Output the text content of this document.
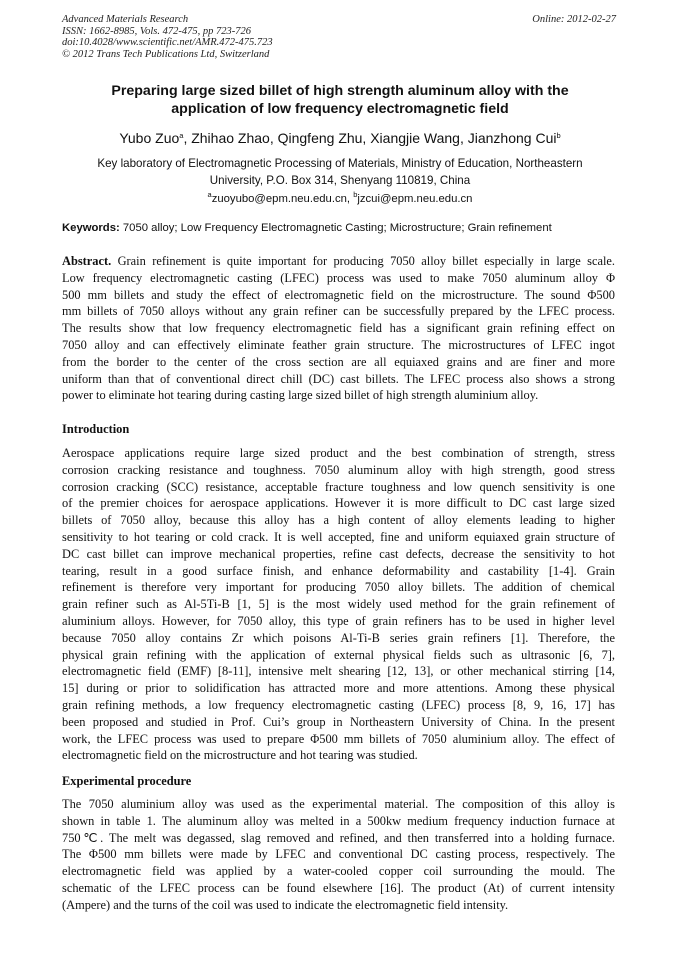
Advanced Materials Research
ISSN: 1662-8985, Vols. 472-475, pp 723-726
doi:10.4028/www.scientific.net/AMR.472-475.723
© 2012 Trans Tech Publications Ltd, Switzerland
Online: 2012-02-27
Preparing large sized billet of high strength aluminum alloy with the
application of low frequency electromagnetic field
Yubo Zuo$^a$, Zhihao Zhao, Qingfeng Zhu, Xiangjie Wang, Jianzhong Cui$^b$
Key laboratory of Electromagnetic Processing of Materials, Ministry of Education, Northeastern
University, P.O. Box 314, Shenyang 110819, China
$^a$zuoyubo@epm.neu.edu.cn, $^b$jzcui@epm.neu.edu.cn
Keywords: 7050 alloy; Low Frequency Electromagnetic Casting; Microstructure; Grain refinement
Abstract. Grain refinement is quite important for producing 7050 alloy billet especially in large scale.
Low frequency electromagnetic casting (LFEC) process was used to make 7050 aluminum alloy Φ
500 mm billets and study the effect of electromagnetic field on the microstructure. The sound Φ500
mm billets of 7050 alloys without any grain refiner can be successfully prepared by the LFEC process.
The results show that low frequency electromagnetic field has a significant grain refining effect on
7050 alloy and can effectively eliminate feather grain structure. The microstructures of LFEC ingot
from the border to the center of the cross section are all equiaxed grains and are finer and more
uniform than that of conventional direct chill (DC) cast billets. The LFEC process also shows a strong
power to eliminate hot tearing during casting large sized billet of high strength aluminium alloy.
Introduction
Aerospace applications require large sized product and the best combination of strength, stress
corrosion cracking resistance and toughness. 7050 aluminum alloy with high strength, good stress
corrosion cracking (SCC) resistance, acceptable fracture toughness and low quench sensitivity is one
of the premier choices for aerospace applications. However it is more difficult to DC cast large sized
billets of 7050 alloy, because this alloy has a high content of alloy elements leading to higher
sensitivity to hot tearing or cold crack. It is well accepted, fine and uniform equiaxed grain structure of
DC cast billet can improve mechanical properties, refine cast defects, decrease the sensitivity to hot
tearing, result in a good surface finish, and enhance deformability and castability [1-4]. Grain
refinement is therefore very important for producing 7050 alloy billets. The addition of chemical
grain refiner such as Al-5Ti-B [1, 5] is the most widely used method for the grain refinement of
aluminium alloys. However, for 7050 alloy, this type of grain refiners has to be used in higher level
because 7050 alloy contains Zr which poisons Al-Ti-B series grain refiners [1]. Therefore, the
physical grain refining with the application of external physical fields such as ultrasonic [6, 7],
electromagnetic field (EMF) [8-11], intensive melt shearing [12, 13], or other mechanical stirring [14,
15] during or prior to solidification has attracted more and more attentions. Among these physical
grain refining methods, a low frequency electromagnetic casting (LFEC) process [8, 9, 16, 17] has
been proposed and studied in Prof. Cui’s group in Northeastern University of China. In the present
work, the LFEC process was used to prepare Φ500 mm billets of 7050 aluminium alloy. The effect of
electromagnetic field on the microstructure and hot tearing was studied.
Experimental procedure
The 7050 aluminium alloy was used as the experimental material. The composition of this alloy is
shown in table 1. The aluminum alloy was melted in a 500kw medium frequency induction furnace at
750℃. The melt was degassed, slag removed and refined, and then transferred into a holding furnace.
The Φ500 mm billets were made by LFEC and conventional DC casting process, respectively. The
electromagnetic field was applied by a water-cooled copper coil surrounding the mould. The
schematic of the LFEC process can be found elsewhere [16]. The product (At) of current intensity
(Ampere) and the turns of the coil was used to indicate the electromagnetic field intensity.
